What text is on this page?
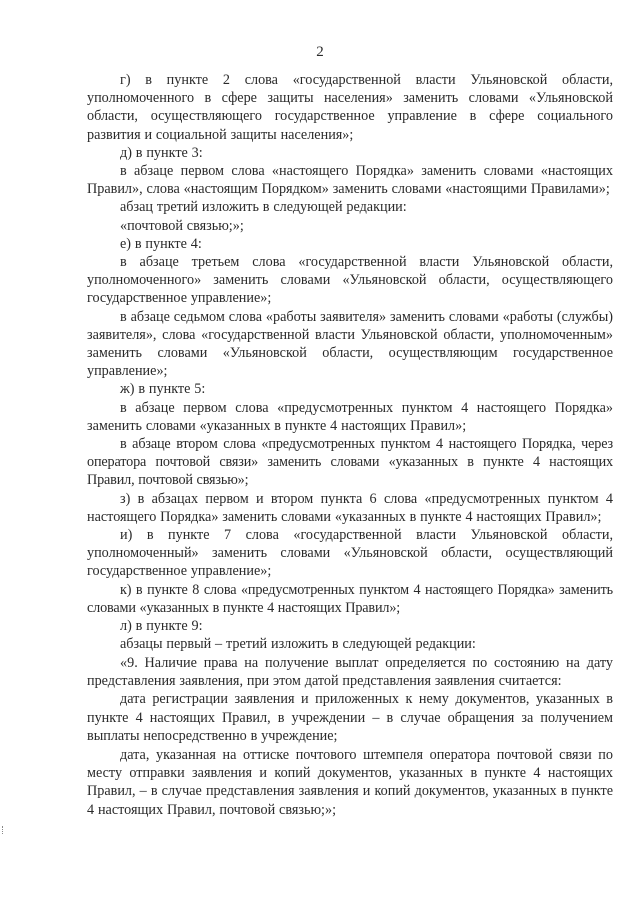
2

г) в пункте 2 слова «государственной власти Ульяновской области, уполномоченного в сфере защиты населения» заменить словами «Ульяновской области, осуществляющего государственное управление в сфере социального развития и социальной защиты населения»;

д) в пункте 3:

в абзаце первом слова «настоящего Порядка» заменить словами «настоящих Правил», слова «настоящим Порядком» заменить словами «настоящими Правилами»;

абзац третий изложить в следующей редакции:

«почтовой связью;»;

е) в пункте 4:

в абзаце третьем слова «государственной власти Ульяновской области, уполномоченного» заменить словами «Ульяновской области, осуществляющего государственное управление»;

в абзаце седьмом слова «работы заявителя» заменить словами «работы (службы) заявителя», слова «государственной власти Ульяновской области, уполномоченным» заменить словами «Ульяновской области, осуществляющим государственное управление»;

ж) в пункте 5:

в абзаце первом слова «предусмотренных пунктом 4 настоящего Порядка» заменить словами «указанных в пункте 4 настоящих Правил»;

в абзаце втором слова «предусмотренных пунктом 4 настоящего Порядка, через оператора почтовой связи» заменить словами «указанных в пункте 4 настоящих Правил, почтовой связью»;

з) в абзацах первом и втором пункта 6 слова «предусмотренных пунктом 4 настоящего Порядка» заменить словами «указанных в пункте 4 настоящих Правил»;

и) в пункте 7 слова «государственной власти Ульяновской области, уполномоченный» заменить словами «Ульяновской области, осуществляющий государственное управление»;

к) в пункте 8 слова «предусмотренных пунктом 4 настоящего Порядка» заменить словами «указанных в пункте 4 настоящих Правил»;

л) в пункте 9:

абзацы первый – третий изложить в следующей редакции:

«9. Наличие права на получение выплат определяется по состоянию на дату представления заявления, при этом датой представления заявления считается:

дата регистрации заявления и приложенных к нему документов, указанных в пункте 4 настоящих Правил, в учреждении – в случае обращения за получением выплаты непосредственно в учреждение;

дата, указанная на оттиске почтового штемпеля оператора почтовой связи по месту отправки заявления и копий документов, указанных в пункте 4 настоящих Правил, – в случае представления заявления и копий документов, указанных в пункте 4 настоящих Правил, почтовой связью;»;
